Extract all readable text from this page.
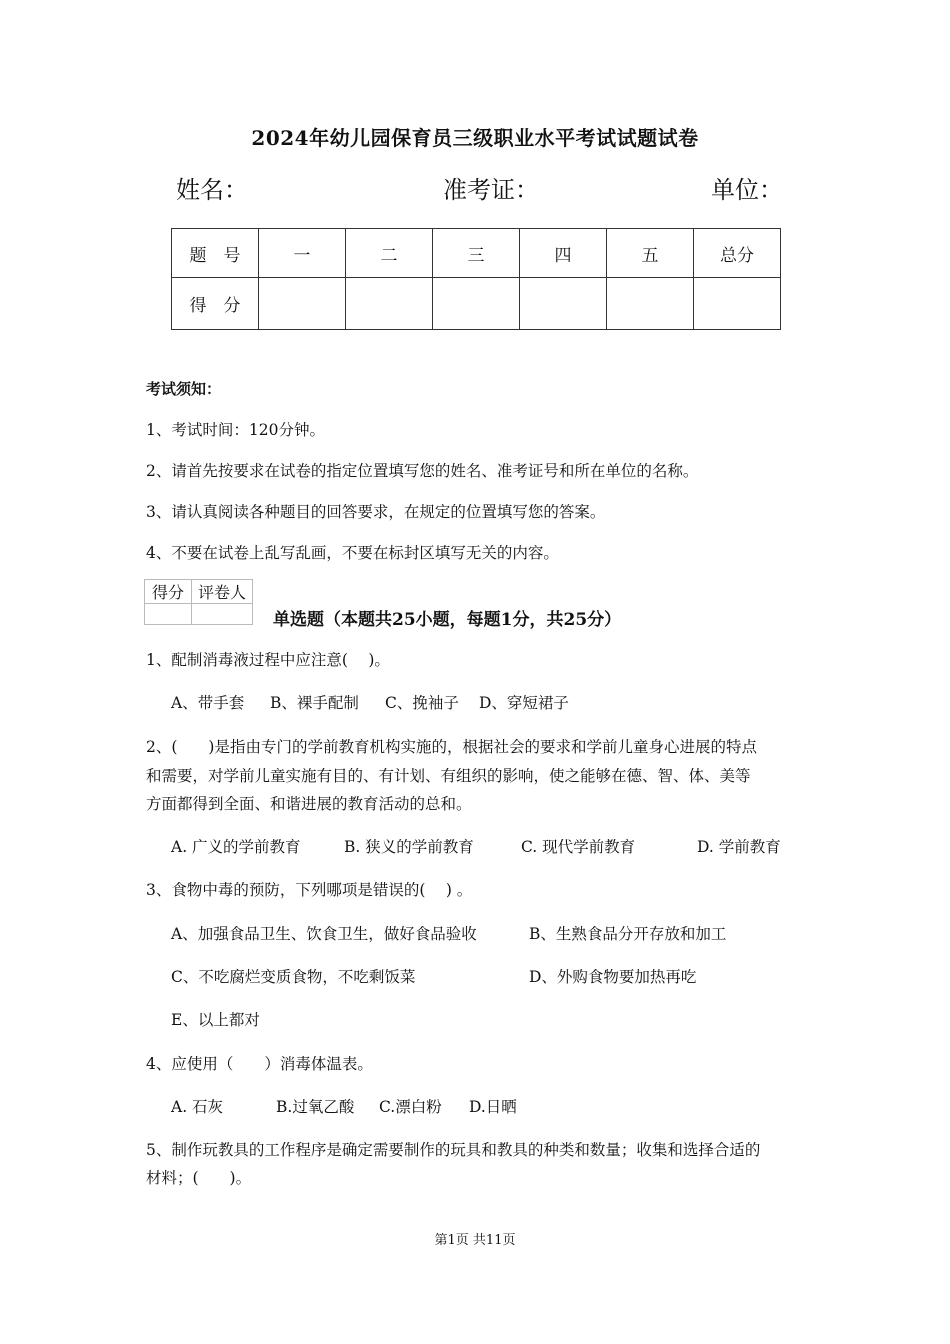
2024年幼儿园保育员三级职业水平考试试题试卷
姓名：	准考证：	单位：
题　号	一	二	三	四	五	总分
得　分						
考试须知：
1、考试时间：120分钟。
2、请首先按要求在试卷的指定位置填写您的姓名、准考证号和所在单位的名称。
3、请认真阅读各种题目的回答要求，在规定的位置填写您的答案。
4、不要在试卷上乱写乱画，不要在标封区填写无关的内容。
得分	评卷人

单选题（本题共25小题，每题1分，共25分）
1、配制消毒液过程中应注意(　 )。
A、带手套 B、裸手配制 C、挽袖子 D、穿短裙子
2、(　　)是指由专门的学前教育机构实施的，根据社会的要求和学前儿童身心进展的特点
和需要，对学前儿童实施有目的、有计划、有组织的影响，使之能够在德、智、体、美等
方面都得到全面、和谐进展的教育活动的总和。
A. 广义的学前教育	B. 狭义的学前教育	C. 现代学前教育	D. 学前教育
3、食物中毒的预防，下列哪项是错误的(　 ) 。
A、加强食品卫生、饮食卫生，做好食品验收	B、生熟食品分开存放和加工
C、不吃腐烂变质食物，不吃剩饭菜	D、外购食物要加热再吃
E、以上都对
4、应使用（　　）消毒体温表。
A. 石灰	B.过氧乙酸 C.漂白粉 D.日晒
5、制作玩教具的工作程序是确定需要制作的玩具和教具的种类和数量；收集和选择合适的
材料；(　　)。
第1页 共11页
